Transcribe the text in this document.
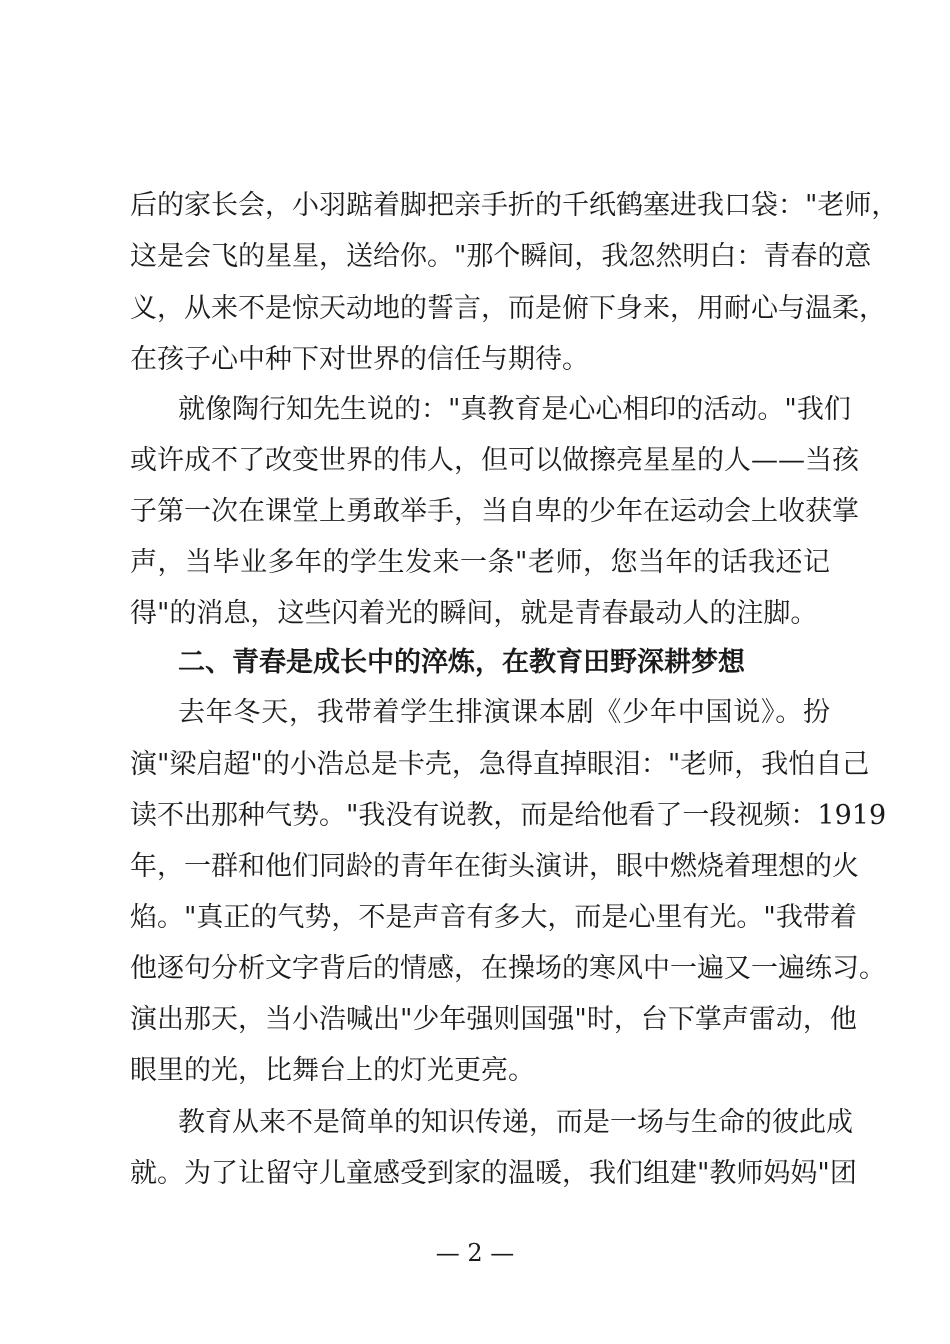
后的家长会，小羽踮着脚把亲手折的千纸鹤塞进我口袋："老师，
这是会飞的星星，送给你。"那个瞬间，我忽然明白：青春的意
义，从来不是惊天动地的誓言，而是俯下身来，用耐心与温柔，
在孩子心中种下对世界的信任与期待。
就像陶行知先生说的："真教育是心心相印的活动。"我们
或许成不了改变世界的伟人，但可以做擦亮星星的人——当孩
子第一次在课堂上勇敢举手，当自卑的少年在运动会上收获掌
声，当毕业多年的学生发来一条"老师，您当年的话我还记
得"的消息，这些闪着光的瞬间，就是青春最动人的注脚。
二、青春是成长中的淬炼，在教育田野深耕梦想
去年冬天，我带着学生排演课本剧《少年中国说》。扮
演"梁启超"的小浩总是卡壳，急得直掉眼泪："老师，我怕自己
读不出那种气势。"我没有说教，而是给他看了一段视频：1919
年，一群和他们同龄的青年在街头演讲，眼中燃烧着理想的火
焰。"真正的气势，不是声音有多大，而是心里有光。"我带着
他逐句分析文字背后的情感，在操场的寒风中一遍又一遍练习。
演出那天，当小浩喊出"少年强则国强"时，台下掌声雷动，他
眼里的光，比舞台上的灯光更亮。
教育从来不是简单的知识传递，而是一场与生命的彼此成
就。为了让留守儿童感受到家的温暖，我们组建"教师妈妈"团
— 2 —
